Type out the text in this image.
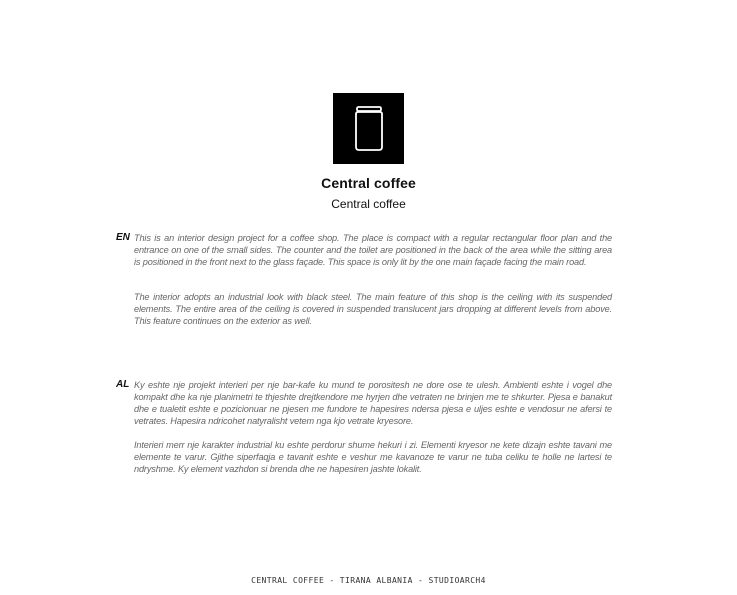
Central coffee
Central coffee
EN This is an interior design project for a coffee shop. The place is compact with a regular rectangular floor plan and the entrance on one of the small sides. The counter and the toilet are positioned in the back of the area while the sitting area is positioned in the front next to the glass façade. This space is only lit by the one main façade facing the main road.
The interior adopts an industrial look with black steel. The main feature of this shop is the ceiling with its suspended elements. The entire area of the ceiling is covered in suspended translucent jars dropping at different levels from above. This feature continues on the exterior as well.
AL Ky eshte nje projekt interieri per nje bar-kafe ku mund te porositesh ne dore ose te ulesh. Ambienti eshte i vogel dhe kompakt dhe ka nje planimetri te thjeshte drejtkendore me hyrjen dhe vetraten ne brinjen me te shkurter. Pjesa e banakut dhe e tualetit eshte e pozicionuar ne pjesen me fundore te hapesires ndersa pjesa e uljes eshte e vendosur ne afersi te vetrates. Hapesira ndricohet natyralisht vetem nga kjo vetrate kryesore.
Interieri merr nje karakter industrial ku eshte perdorur shume hekuri i zi. Elementi kryesor ne kete dizajn eshte tavani me elemente te varur. Gjithe siperfaqja e tavanit eshte e veshur me kavanoze te varur ne tuba celiku te holle ne lartesi te ndryshme. Ky element vazhdon si brenda dhe ne hapesiren jashte lokalit.
CENTRAL COFFEE - TIRANA ALBANIA - STUDIOARCH4
